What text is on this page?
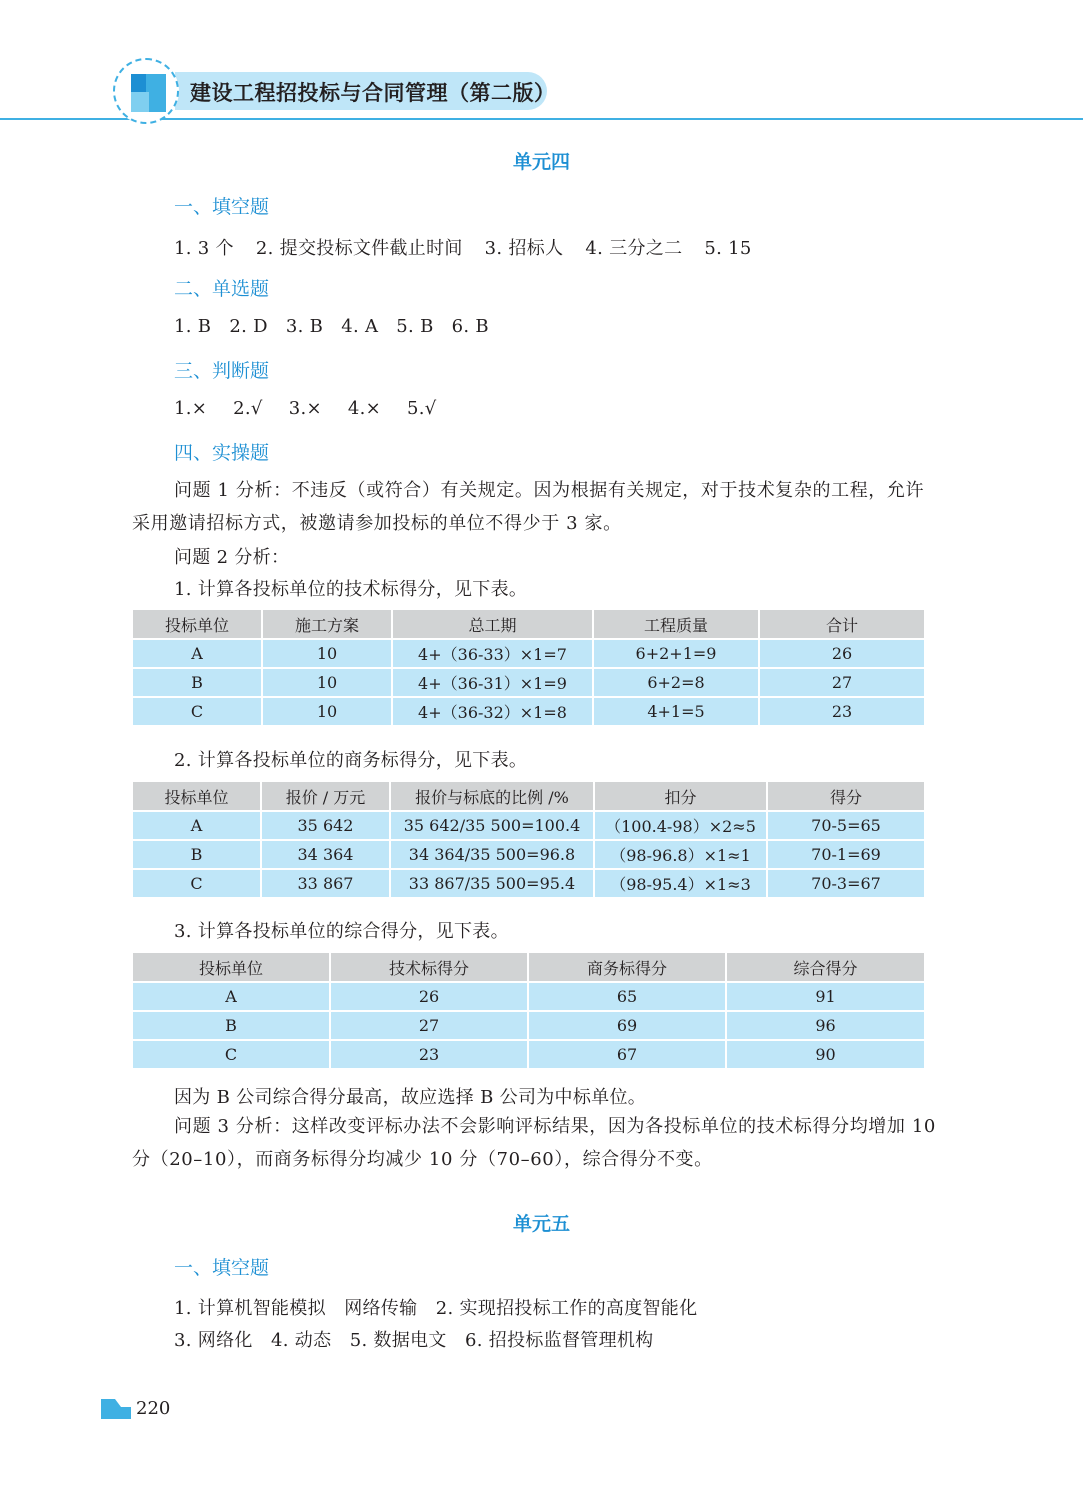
建设工程招投标与合同管理（第二版）
单元四
一、填空题
1. 3 个 2. 提交投标文件截止时间 3. 招标人 4. 三分之二 5. 15
二、单选题
1. B 2. D 3. B 4. A 5. B 6. B
三、判断题
1.× 2.√ 3.× 4.× 5.√
四、实操题
问题 1 分析：不违反（或符合）有关规定。因为根据有关规定，对于技术复杂的工程，允许采用邀请招标方式，被邀请参加投标的单位不得少于 3 家。
问题 2 分析：
1. 计算各投标单位的技术标得分，见下表。
投标单位	施工方案	总工期	工程质量	合计
A	10	4+（36-33）×1=7	6+2+1=9	26
B	10	4+（36-31）×1=9	6+2=8	27
C	10	4+（36-32）×1=8	4+1=5	23
2. 计算各投标单位的商务标得分，见下表。
投标单位	报价 / 万元	报价与标底的比例 /%	扣分	得分
A	35 642	35 642/35 500=100.4	（100.4-98）×2≈5	70-5=65
B	34 364	34 364/35 500=96.8	（98-96.8）×1≈1	70-1=69
C	33 867	33 867/35 500=95.4	（98-95.4）×1≈3	70-3=67
3. 计算各投标单位的综合得分，见下表。
投标单位	技术标得分	商务标得分	综合得分
A	26	65	91
B	27	69	96
C	23	67	90
因为 B 公司综合得分最高，故应选择 B 公司为中标单位。
问题 3 分析：这样改变评标办法不会影响评标结果，因为各投标单位的技术标得分均增加 10 分（20–10），而商务标得分均减少 10 分（70–60），综合得分不变。
单元五
一、填空题
1. 计算机智能模拟　网络传输　2. 实现招投标工作的高度智能化
3. 网络化　4. 动态　5. 数据电文　6. 招投标监督管理机构
220
